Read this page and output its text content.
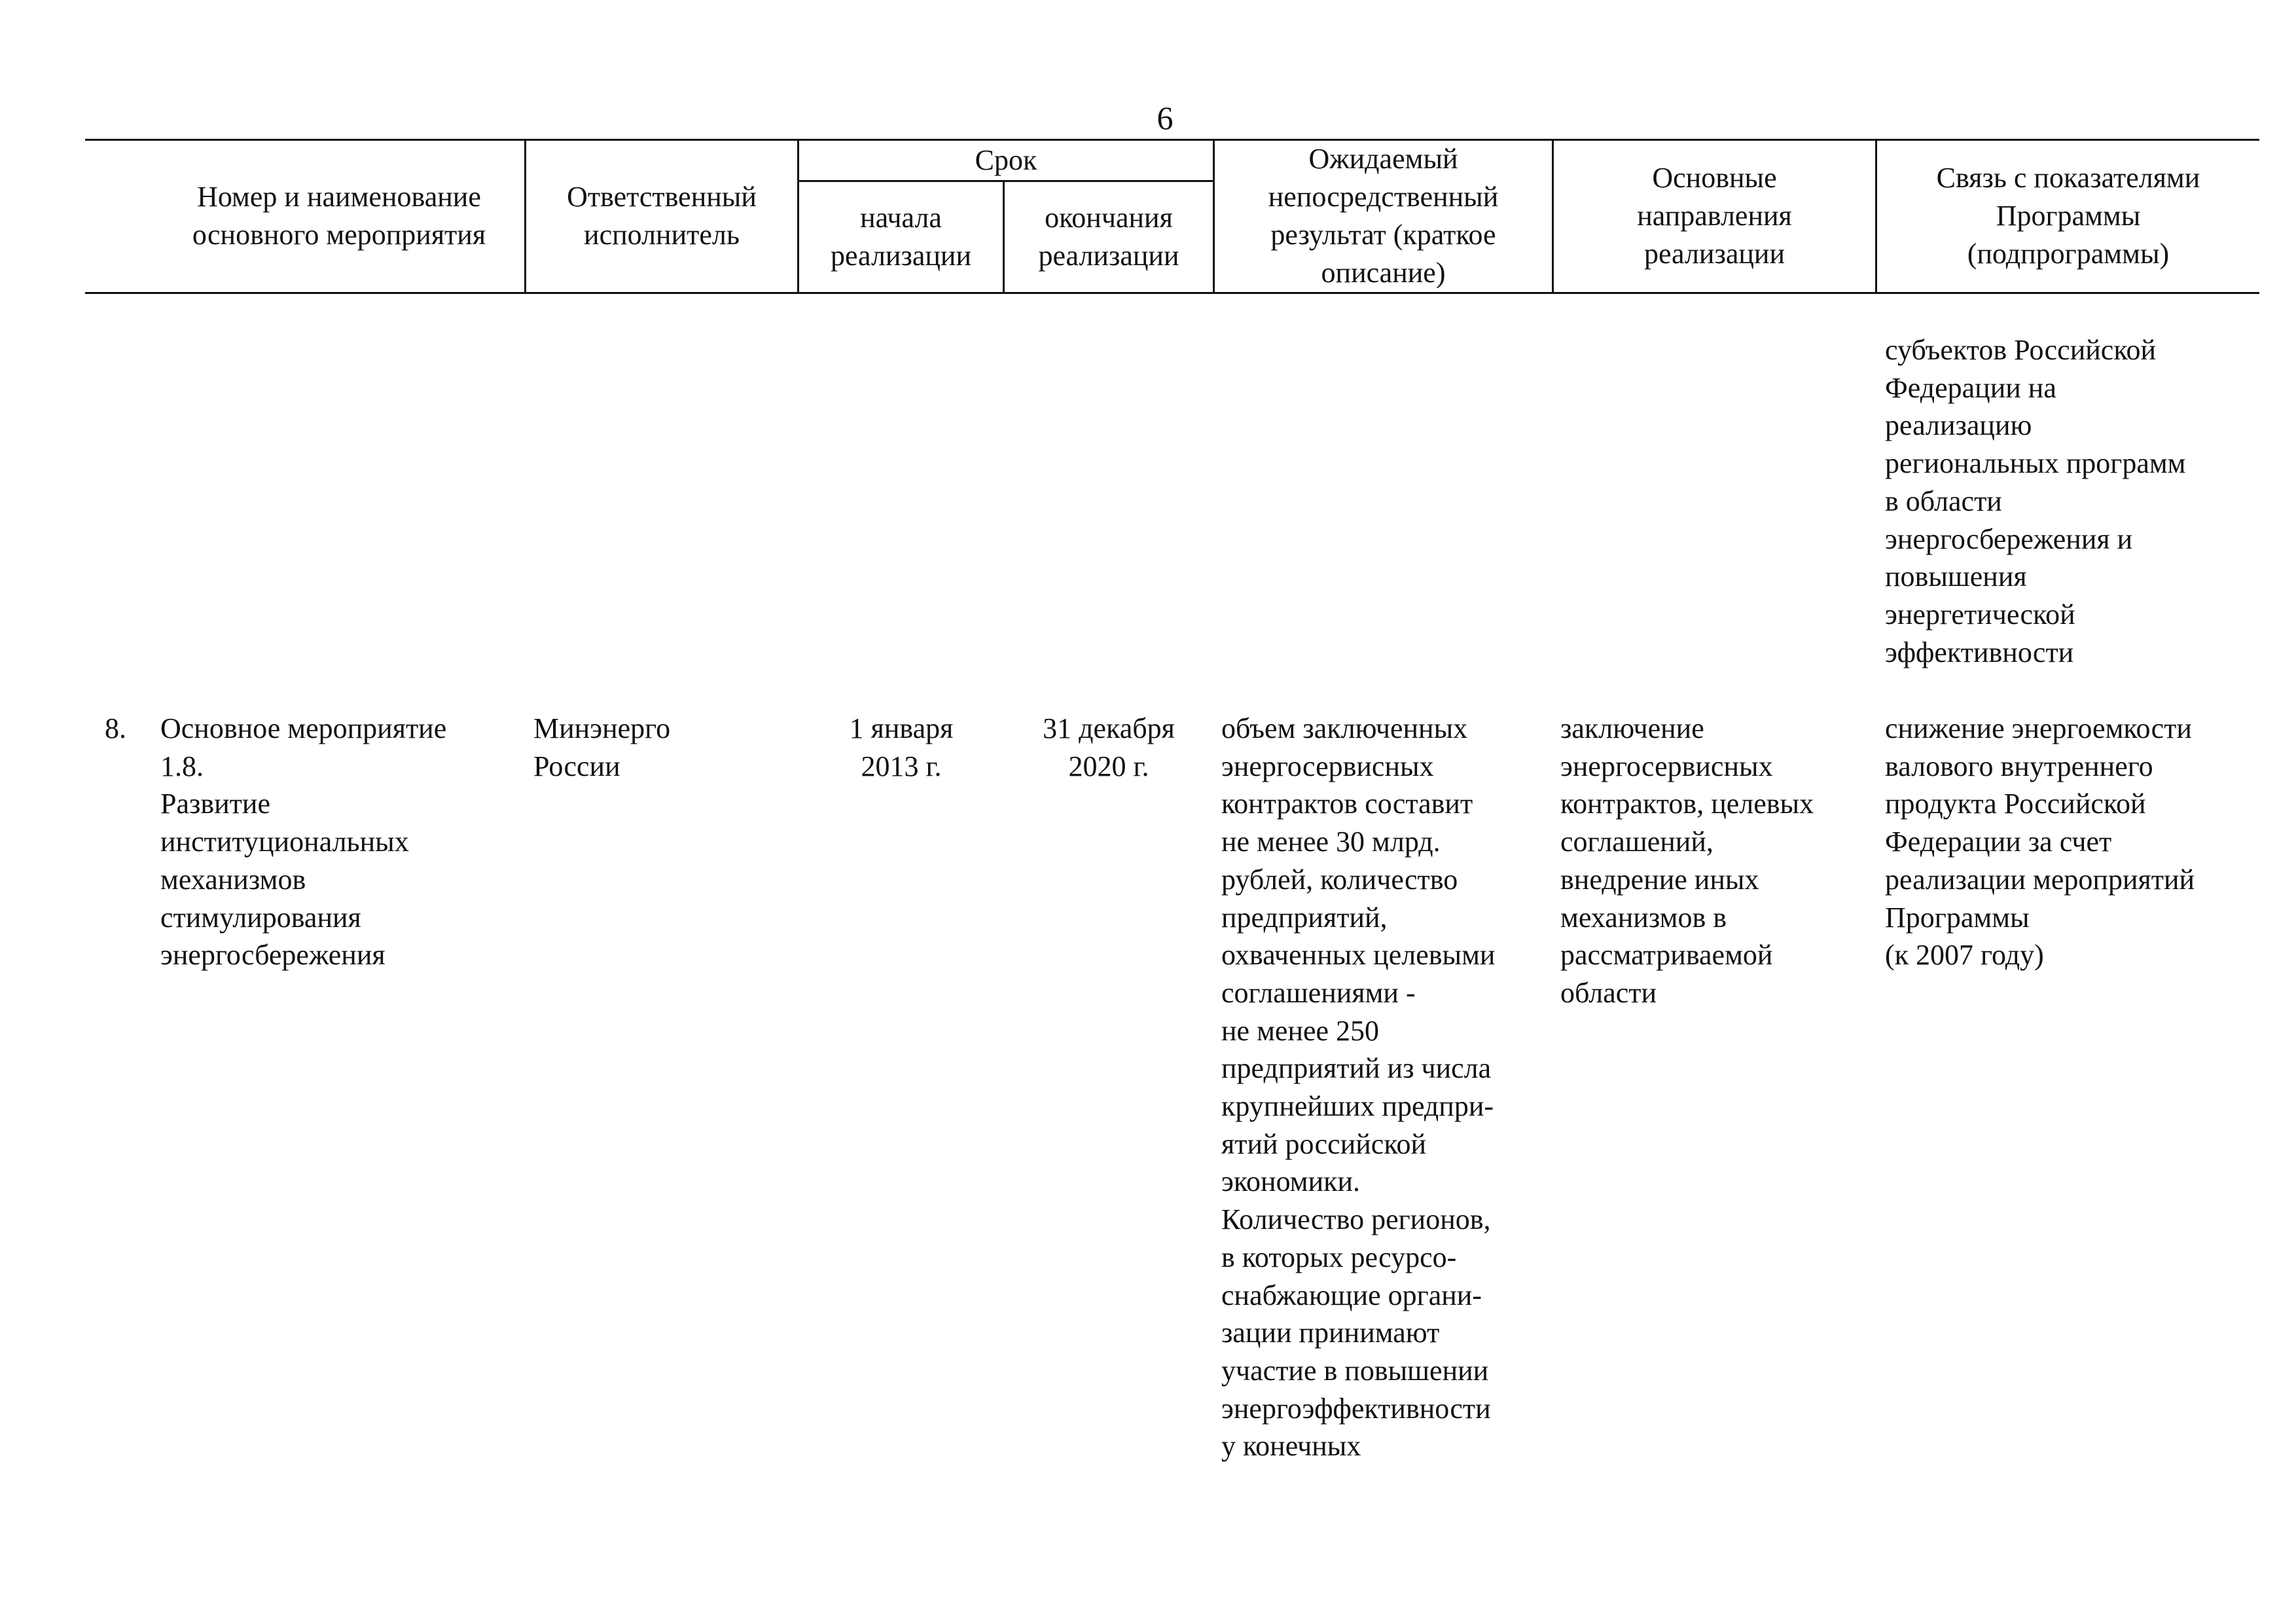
6
Номер и наименование
основного мероприятия
Ответственный
исполнитель
Срок
начала
реализации
окончания
реализации
Ожидаемый
непосредственный
результат (краткое
описание)
Основные
направления
реализации
Связь с показателями
Программы
(подпрограммы)
субъектов Российской
Федерации на
реализацию
региональных программ
в области
энергосбережения и
повышения
энергетической
эффективности
8.	Основное мероприятие
1.8.
Развитие
институциональных
механизмов
стимулирования
энергосбережения
Минэнерго
России
1 января
2013 г.
31 декабря
2020 г.
объем заключенных
энергосервисных
контрактов составит
не менее 30 млрд.
рублей, количество
предприятий,
охваченных целевыми
соглашениями -
не менее 250
предприятий из числа
крупнейших предпри-
ятий российской
экономики.
Количество регионов,
в которых ресурсо-
снабжающие органи-
зации принимают
участие в повышении
энергоэффективности
у конечных
заключение
энергосервисных
контрактов, целевых
соглашений,
внедрение иных
механизмов в
рассматриваемой
области
снижение энергоемкости
валового внутреннего
продукта Российской
Федерации за счет
реализации мероприятий
Программы
(к 2007 году)
